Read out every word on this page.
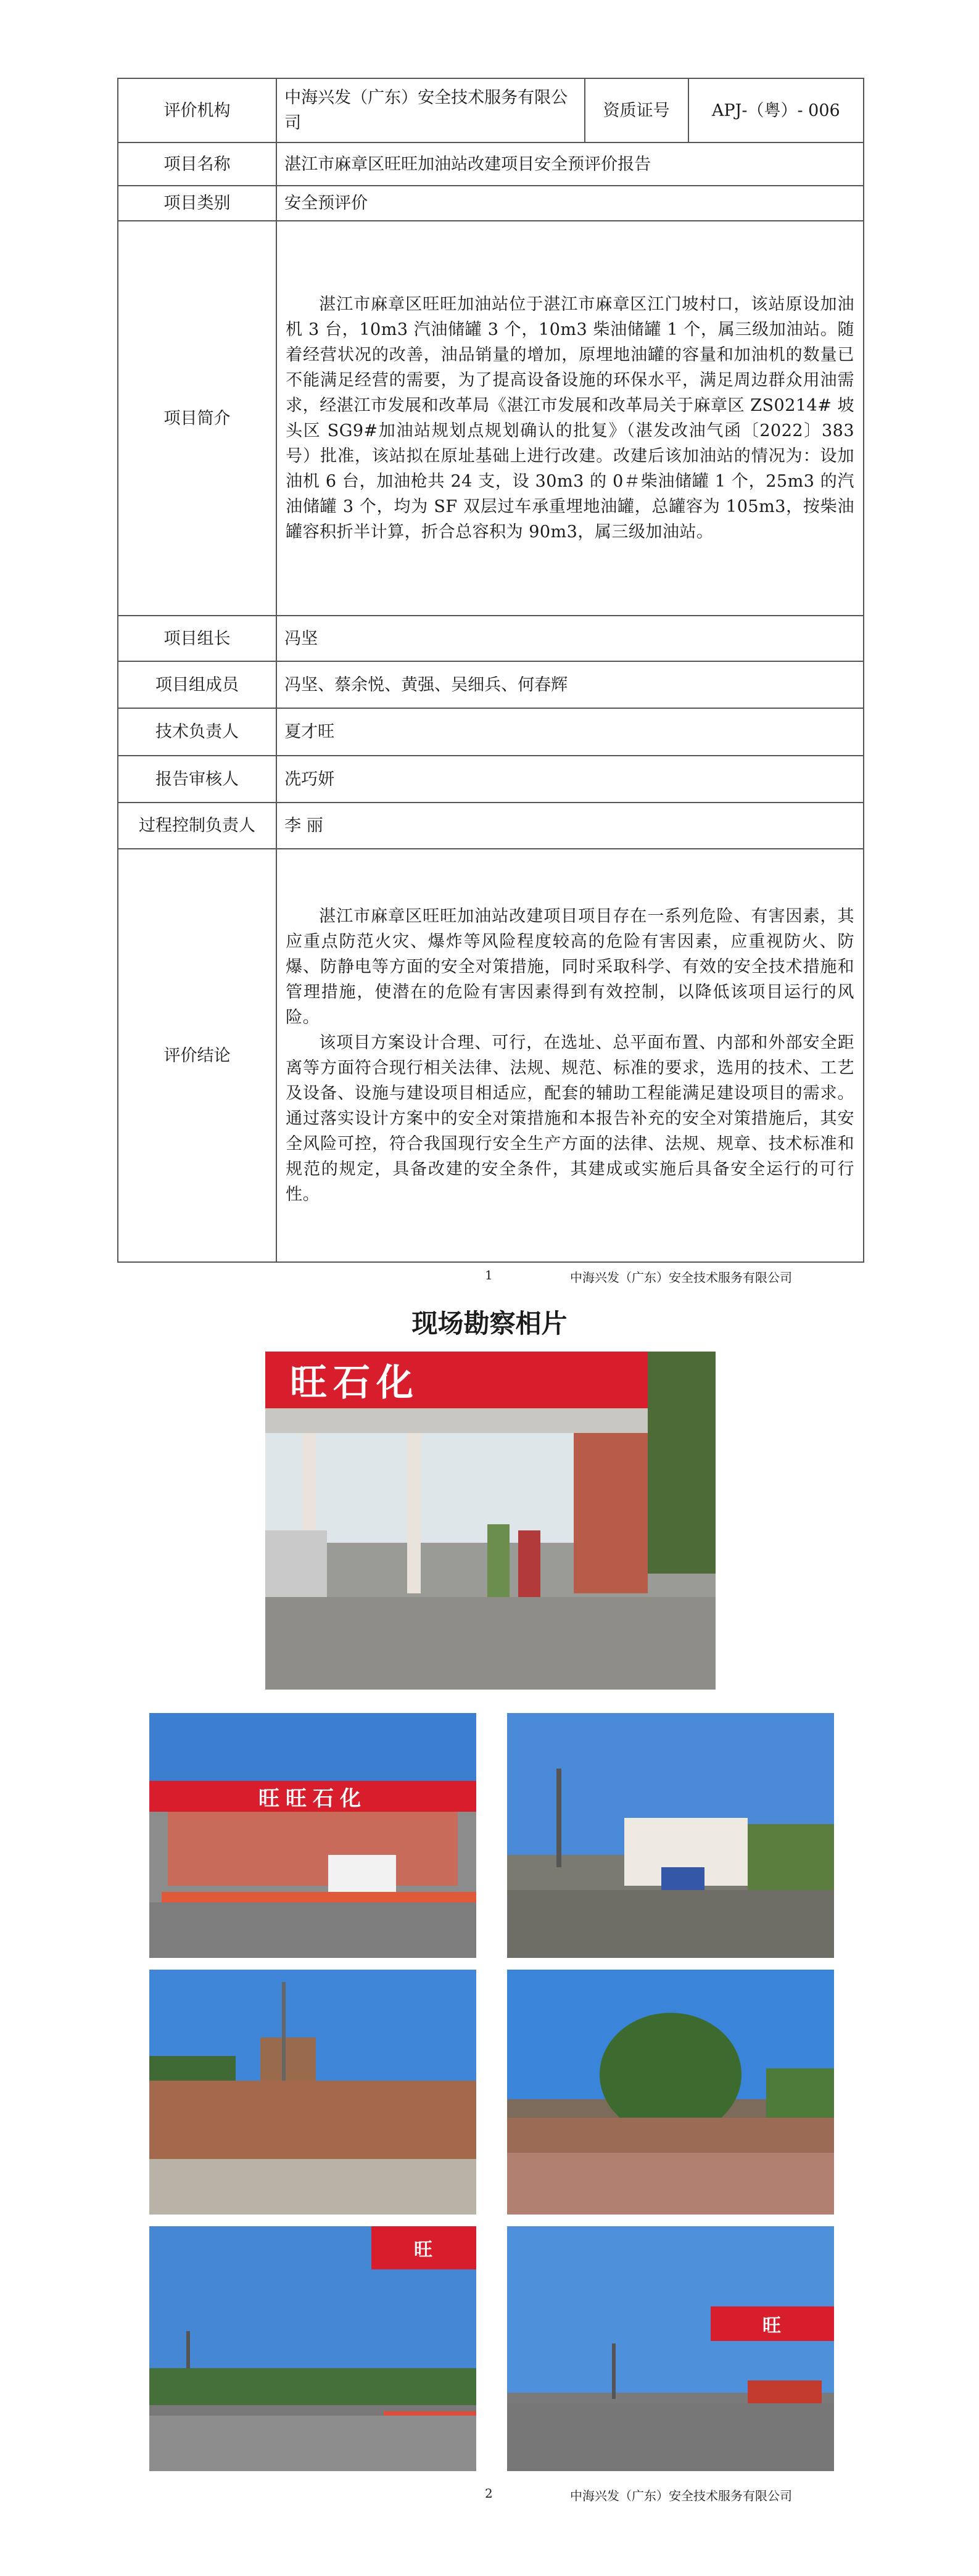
评价机构	中海兴发（广东）安全技术服务有限公司	资质证号	APJ-（粤）- 006
项目名称	湛江市麻章区旺旺加油站改建项目安全预评价报告		
项目类别	安全预评价		
项目简介	湛江市麻章区旺旺加油站位于湛江市麻章区江门坡村口，该站原设加油机 3 台，10m3 汽油储罐 3 个，10m3 柴油储罐 1 个，属三级加油站。随着经营状况的改善，油品销量的增加，原埋地油罐的容量和加油机的数量已不能满足经营的需要，为了提高设备设施的环保水平，满足周边群众用油需求，经湛江市发展和改革局《湛江市发展和改革局关于麻章区 ZS0214# 坡头区 SG9#加油站规划点规划确认的批复》（湛发改油气函〔2022〕383 号）批准，该站拟在原址基础上进行改建。改建后该加油站的情况为：设加油机 6 台，加油枪共 24 支，设 30m3 的 0＃柴油储罐 1 个，25m3 的汽油储罐 3 个，均为 SF 双层过车承重埋地油罐，总罐容为 105m3，按柴油罐容积折半计算，折合总容积为 90m3，属三级加油站。		

项目组长	冯坚		
项目组成员	冯坚、蔡余悦、黄强、吴细兵、何春辉		
技术负责人	夏才旺		
报告审核人	冼巧妍		
过程控制负责人	李 丽		
评价结论	湛江市麻章区旺旺加油站改建项目项目存在一系列危险、有害因素，其应重点防范火灾、爆炸等风险程度较高的危险有害因素，应重视防火、防爆、防静电等方面的安全对策措施，同时采取科学、有效的安全技术措施和管理措施，使潜在的危险有害因素得到有效控制，以降低该项目运行的风险。

该项目方案设计合理、可行，在选址、总平面布置、内部和外部安全距离等方面符合现行相关法律、法规、规范、标准的要求，选用的技术、工艺及设备、设施与建设项目相适应，配套的辅助工程能满足建设项目的需求。通过落实设计方案中的安全对策措施和本报告补充的安全对策措施后，其安全风险可控，符合我国现行安全生产方面的法律、法规、规章、技术标准和规范的规定，具备改建的安全条件，其建成或实施后具备安全运行的可行性。		

1	中海兴发（广东）安全技术服务有限公司
现场勘察相片
旺石化
旺旺石化
旺
旺
2	中海兴发（广东）安全技术服务有限公司
